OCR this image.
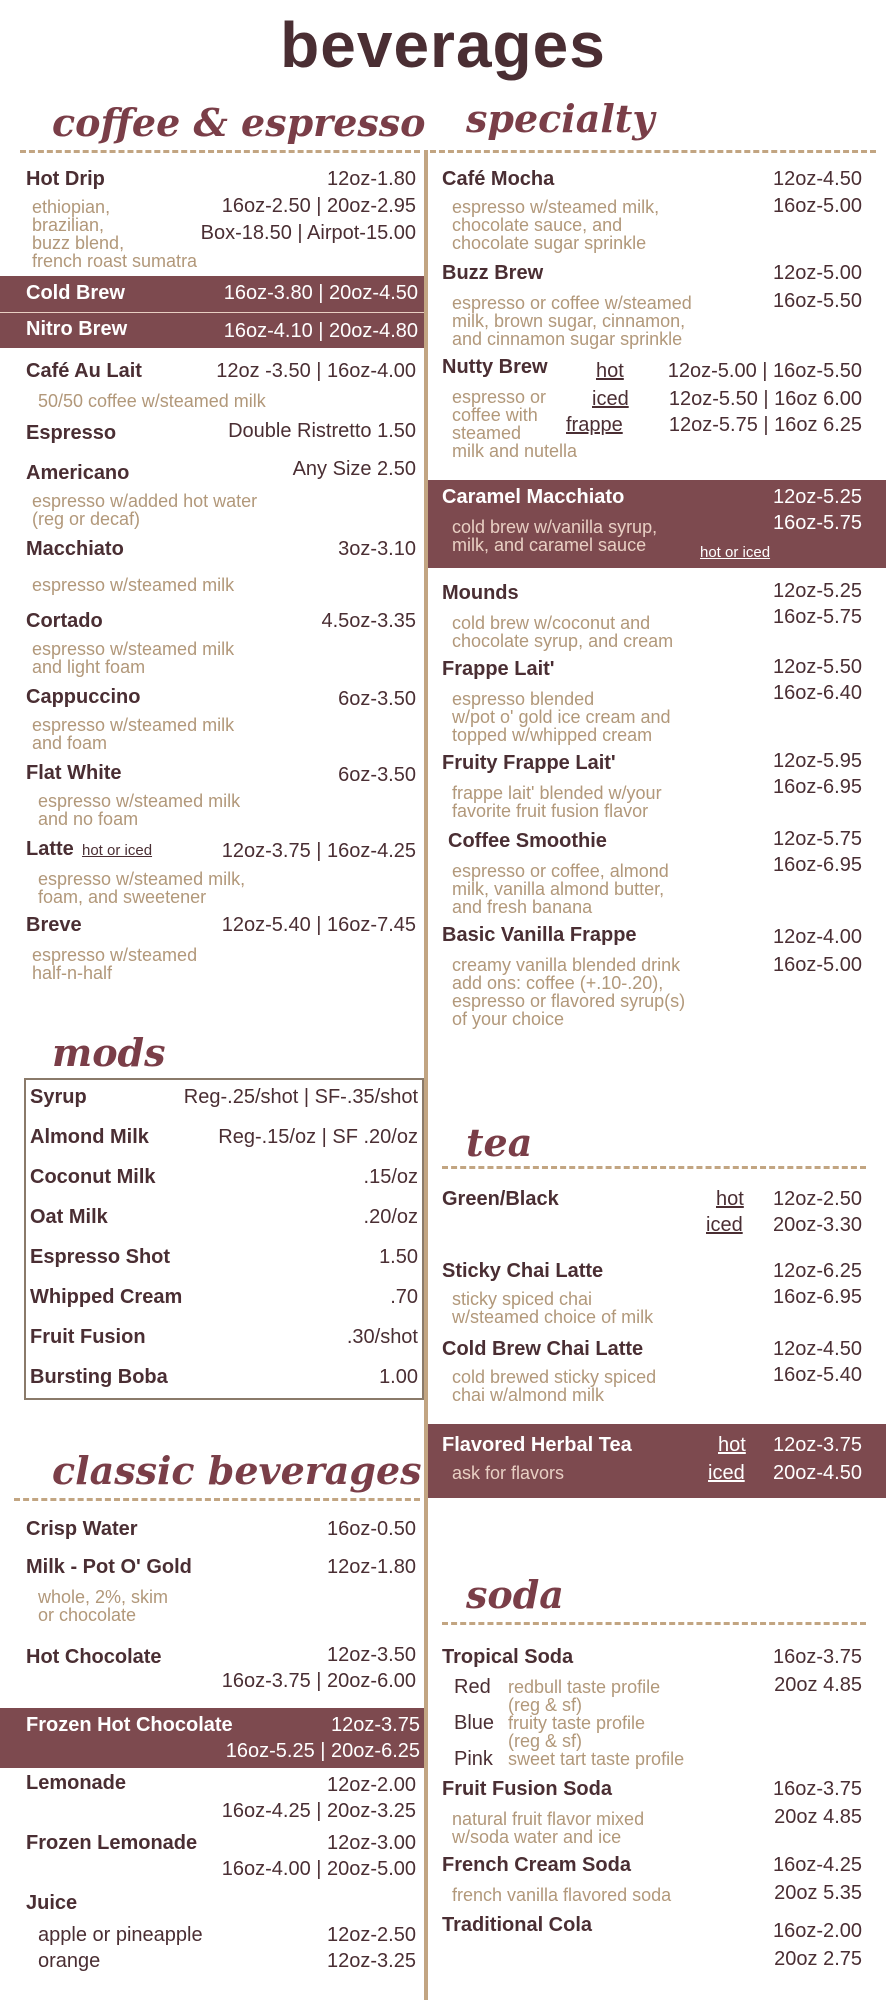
beverages
coffee & espresso
Hot Drip	12oz-1.80
ethiopian,
brazilian,
buzz blend,
french roast sumatra
16oz-2.50 | 20oz-2.95
Box-18.50 | Airpot-15.00
Cold Brew	16oz-3.80 | 20oz-4.50
Nitro Brew	16oz-4.10 | 20oz-4.80
Café Au Lait	12oz -3.50 | 16oz-4.00
50/50 coffee w/steamed milk
Espresso	Double Ristretto 1.50
Americano	Any Size 2.50
espresso w/added hot water
(reg or decaf)
Macchiato	3oz-3.10
espresso w/steamed milk
Cortado	4.5oz-3.35
espresso w/steamed milk
and light foam
Cappuccino	6oz-3.50
espresso w/steamed milk
and foam
Flat White	6oz-3.50
espresso w/steamed milk
and no foam
Latte hot or iced	12oz-3.75 | 16oz-4.25
espresso w/steamed milk,
foam, and sweetener
Breve	12oz-5.40 | 16oz-7.45
espresso w/steamed
half-n-half
mods
Syrup	Reg-.25/shot | SF-.35/shot
Almond Milk	Reg-.15/oz | SF .20/oz
Coconut Milk	.15/oz
Oat Milk	.20/oz
Espresso Shot	1.50
Whipped Cream	.70
Fruit Fusion	.30/shot
Bursting Boba	1.00
classic beverages
Crisp Water	16oz-0.50
Milk - Pot O' Gold	12oz-1.80
whole, 2%, skim
or chocolate
Hot Chocolate	12oz-3.50
16oz-3.75 | 20oz-6.00
Frozen Hot Chocolate	12oz-3.75
16oz-5.25 | 20oz-6.25
Lemonade	12oz-2.00
16oz-4.25 | 20oz-3.25
Frozen Lemonade	12oz-3.00
16oz-4.00 | 20oz-5.00
Juice
apple or pineapple	12oz-2.50
orange	12oz-3.25
specialty
Café Mocha	12oz-4.50
16oz-5.00
espresso w/steamed milk,
chocolate sauce, and
chocolate sugar sprinkle
Buzz Brew	12oz-5.00
16oz-5.50
espresso or coffee w/steamed
milk, brown sugar, cinnamon,
and cinnamon sugar sprinkle
Nutty Brew hot 12oz-5.00 | 16oz-5.50
iced 12oz-5.50 | 16oz 6.00
frappe 12oz-5.75 | 16oz 6.25
espresso or
coffee with
steamed
milk and nutella
Caramel Macchiato	12oz-5.25
16oz-5.75
cold brew w/vanilla syrup,
milk, and caramel sauce	hot or iced
Mounds	12oz-5.25
16oz-5.75
cold brew w/coconut and
chocolate syrup, and cream
Frappe Lait'	12oz-5.50
16oz-6.40
espresso blended
w/pot o' gold ice cream and
topped w/whipped cream
Fruity Frappe Lait'	12oz-5.95
16oz-6.95
frappe lait' blended w/your
favorite fruit fusion flavor
Coffee Smoothie	12oz-5.75
16oz-6.95
espresso or coffee, almond
milk, vanilla almond butter,
and fresh banana
Basic Vanilla Frappe	12oz-4.00
16oz-5.00
creamy vanilla blended drink
add ons: coffee (+.10-.20),
espresso or flavored syrup(s)
of your choice
tea
Green/Black	hot 12oz-2.50
iced 20oz-3.30
Sticky Chai Latte	12oz-6.25
16oz-6.95
sticky spiced chai
w/steamed choice of milk
Cold Brew Chai Latte	12oz-4.50
16oz-5.40
cold brewed sticky spiced
chai w/almond milk
Flavored Herbal Tea	hot 12oz-3.75
ask for flavors	iced 20oz-4.50
soda
Tropical Soda	16oz-3.75
20oz 4.85
Red redbull taste profile
(reg & sf)
Blue fruity taste profile
(reg & sf)
Pink sweet tart taste profile
Fruit Fusion Soda	16oz-3.75
20oz 4.85
natural fruit flavor mixed
w/soda water and ice
French Cream Soda	16oz-4.25
20oz 5.35
french vanilla flavored soda
Traditional Cola	16oz-2.00
20oz 2.75
